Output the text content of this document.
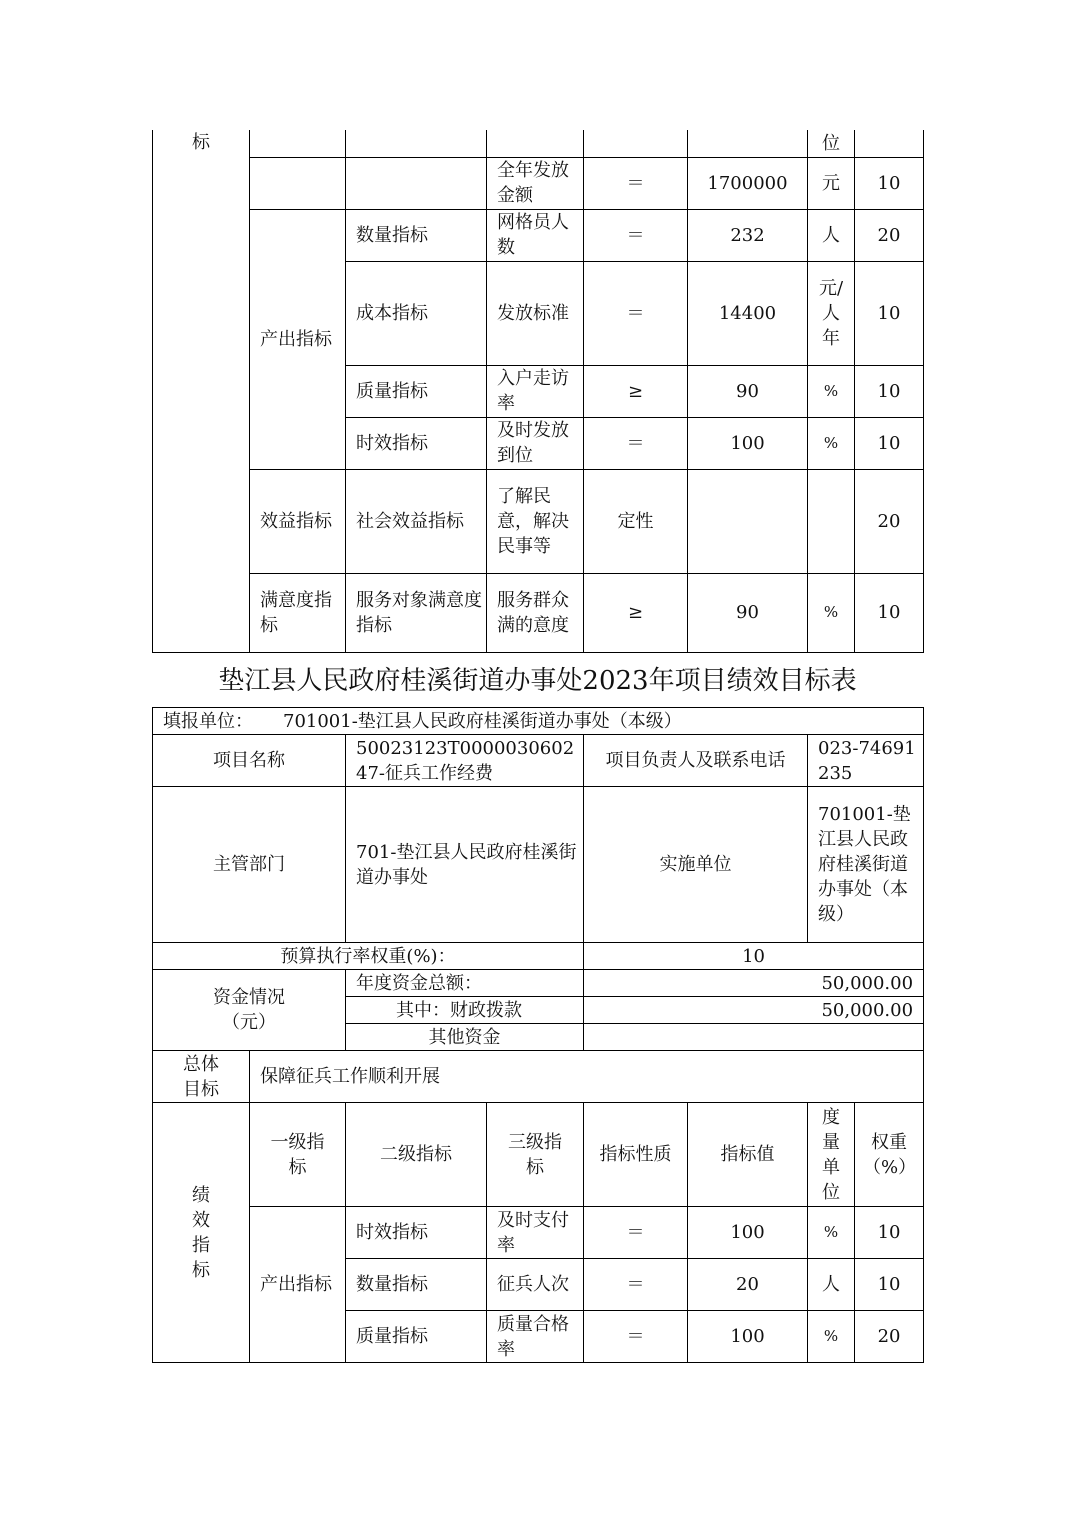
标						位	
			全年发放金额	＝	1700000	元	10
	产出指标	数量指标	网格员人数	＝	232	人	20
		成本指标	发放标准	＝	14400	元/人年	10
		质量指标	入户走访率	≥	90	%	10
		时效指标	及时发放到位	＝	100	%	10
	效益指标	社会效益指标	了解民意，解决民事等	定性			20
	满意度指标	服务对象满意度指标	服务群众满的意度	≥	90	%	10
垫江县人民政府桂溪街道办事处2023年项目绩效目标表
填报单位： 701001-垫江县人民政府桂溪街道办事处（本级）							
项目名称		50023123T000003060247-征兵工作经费		项目负责人及联系电话		023-74691235	
主管部门		701-垫江县人民政府桂溪街道办事处		实施单位		701001-垫江县人民政府桂溪街道办事处（本级）	
预算执行率权重(%)：				10			
资金情况（元）		年度资金总额：		50,000.00			
		其中：财政拨款		50,000.00			
		其他资金					
总体目标	保障征兵工作顺利开展						
绩效指标	一级指标	二级指标	三级指标	指标性质	指标值	度量单位	权重（%）
	产出指标	时效指标	及时支付率	＝	100	%	10
		数量指标	征兵人次	＝	20	人	10
		质量指标	质量合格率	＝	100	%	20
